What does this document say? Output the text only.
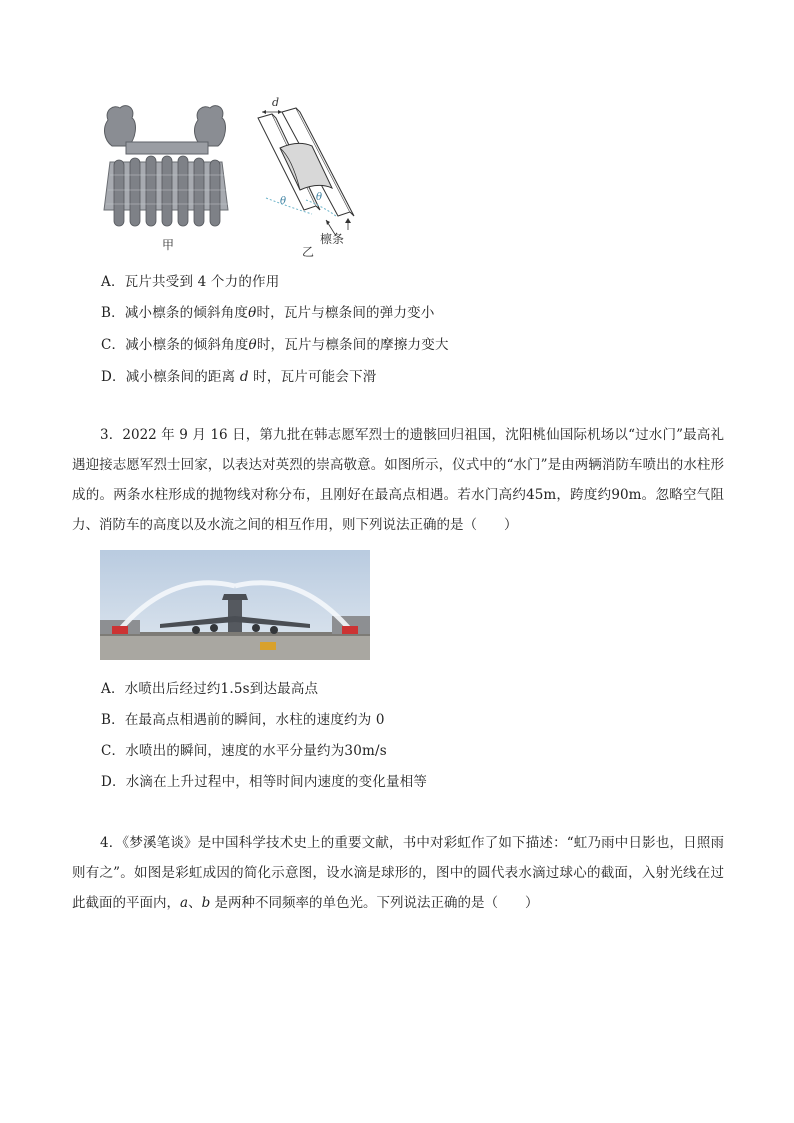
甲
d
θ	θ
檩条
乙
A．瓦片共受到 4 个力的作用
B．减小檩条的倾斜角度θ时，瓦片与檩条间的弹力变小
C．减小檩条的倾斜角度θ时，瓦片与檩条间的摩擦力变大
D．减小檩条间的距离 d 时，瓦片可能会下滑
3．2022 年 9 月 16 日，第九批在韩志愿军烈士的遗骸回归祖国，沈阳桃仙国际机场以“过水门”最高礼遇迎接志愿军烈士回家，以表达对英烈的崇高敬意。如图所示，仪式中的“水门”是由两辆消防车喷出的水柱形成的。两条水柱形成的抛物线对称分布，且刚好在最高点相遇。若水门高约45m，跨度约90m。忽略空气阻力、消防车的高度以及水流之间的相互作用，则下列说法正确的是（　　）
A．水喷出后经过约1.5s到达最高点
B．在最高点相遇前的瞬间，水柱的速度约为 0
C．水喷出的瞬间，速度的水平分量约为30m/s
D．水滴在上升过程中，相等时间内速度的变化量相等
4．《梦溪笔谈》是中国科学技术史上的重要文献，书中对彩虹作了如下描述：“虹乃雨中日影也，日照雨则有之”。如图是彩虹成因的简化示意图，设水滴是球形的，图中的圆代表水滴过球心的截面，入射光线在过此截面的平面内，a、b 是两种不同频率的单色光。下列说法正确的是（　　）
